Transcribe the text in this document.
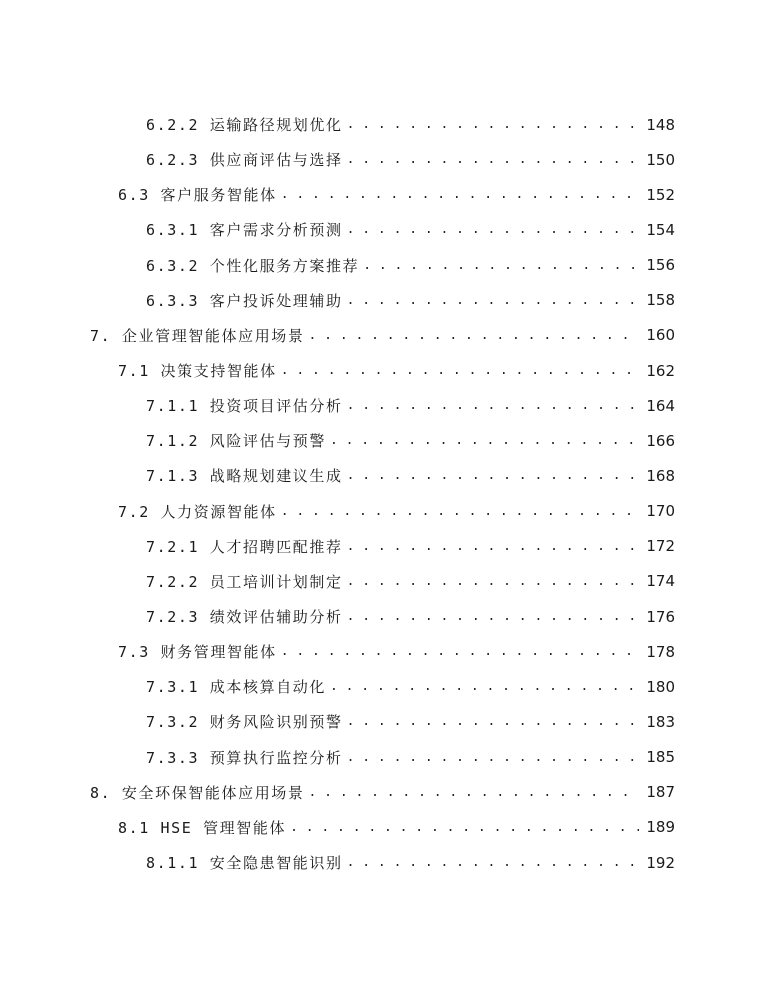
6.2.2 运输路径规划优化 . . .	148
6.2.3 供应商评估与选择 . . .	150
6.3 客户服务智能体 . . .	152
6.3.1 客户需求分析预测 . . .	154
6.3.2 个性化服务方案推荐 . . .	156
6.3.3 客户投诉处理辅助 . . .	158
7. 企业管理智能体应用场景 . . .	160
7.1 决策支持智能体 . . .	162
7.1.1 投资项目评估分析 . . .	164
7.1.2 风险评估与预警 . . .	166
7.1.3 战略规划建议生成 . . .	168
7.2 人力资源智能体 . . .	170
7.2.1 人才招聘匹配推荐 . . .	172
7.2.2 员工培训计划制定 . . .	174
7.2.3 绩效评估辅助分析 . . .	176
7.3 财务管理智能体 . . .	178
7.3.1 成本核算自动化 . . .	180
7.3.2 财务风险识别预警 . . .	183
7.3.3 预算执行监控分析 . . .	185
8. 安全环保智能体应用场景 . . .	187
8.1 HSE 管理智能体 . . .	189
8.1.1 安全隐患智能识别 . . .	192
